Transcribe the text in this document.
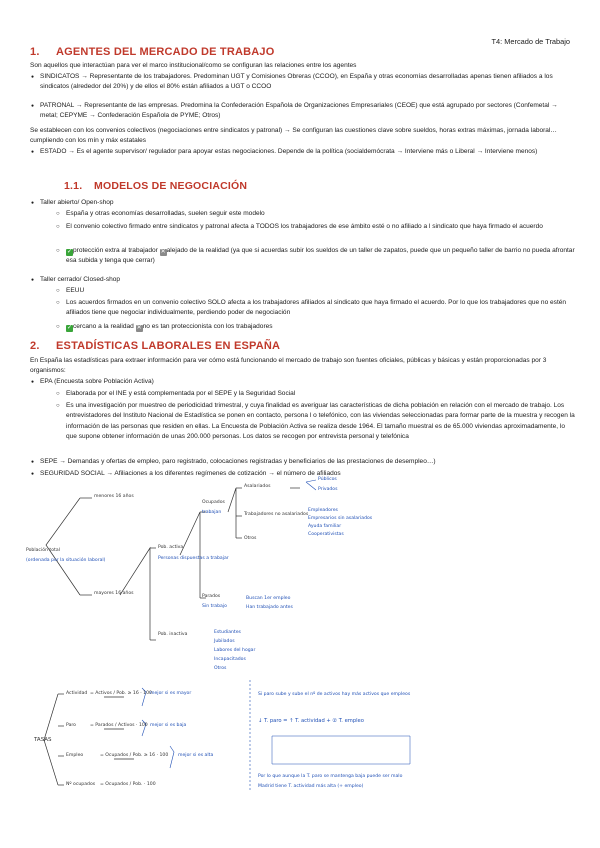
T4: Mercado de Trabajo
1. AGENTES DEL MERCADO DE TRABAJO
Son aquellos que interactúan para ver el marco institucional/como se configuran las relaciones entre los agentes
● SINDICATOS → Representante de los trabajadores. Predominan UGT y Comisiones Obreras (CCOO), en España y otras economías desarrolladas apenas tienen afiliados a los sindicatos (alrededor del 20%) y de ellos el 80% están afiliados a UGT o CCOO
● PATRONAL → Representante de las empresas. Predomina la Confederación Española de Organizaciones Empresariales (CEOE) que está agrupado por sectores (Confemetal → metal; CEPYME → Confederación Española de PYME; Otros)
Se establecen con los convenios colectivos (negociaciones entre sindicatos y patronal) → Se configuran las cuestiones clave sobre sueldos, horas extras máximas, jornada laboral… cumpliendo con los mín y máx estatales
● ESTADO → Es el agente supervisor/ regulador para apoyar estas negociaciones. Depende de la política (socialdemócrata → Interviene más o Liberal → Interviene menos)
1.1. MODELOS DE NEGOCIACIÓN
● Taller abierto/ Open-shop
○ España y otras economías desarrolladas, suelen seguir este modelo
○ El convenio colectivo firmado entre sindicatos y patronal afecta a TODOS los trabajadores de ese ámbito esté o no afiliado a l sindicato que haya firmado el acuerdo
○ ✓protección extra al trabajador ✕alejado de la realidad (ya que si acuerdas subir los sueldos de un taller de zapatos, puede que un pequeño taller de barrio no pueda afrontar esa subida y tenga que cerrar)
● Taller cerrado/ Closed-shop
○ EEUU
○ Los acuerdos firmados en un convenio colectivo SOLO afecta a los trabajadores afiliados al sindicato que haya firmado el acuerdo. Por lo que los trabajadores que no estén afiliados tiene que negociar individualmente, perdiendo poder de negociación
○ ✓cercano a la realidad ✕no es tan proteccionista con los trabajadores
2. ESTADÍSTICAS LABORALES EN ESPAÑA
En España las estadísticas para extraer información para ver cómo está funcionando el mercado de trabajo son fuentes oficiales, públicas y básicas y están proporcionadas por 3 organismos:
● EPA (Encuesta sobre Población Activa)
○ Elaborada por el INE y está complementada por el SEPE y la Seguridad Social
○ Es una investigación por muestreo de periodicidad trimestral, y cuya finalidad es averiguar las características de dicha población en relación con el mercado de trabajo. Los entrevistadores del Instituto Nacional de Estadística se ponen en contacto, persona l o telefónico, con las viviendas seleccionadas para formar parte de la muestra y recogen la información de las personas que residen en ellas. La Encuesta de Población Activa se realiza desde 1964. El tamaño muestral es de 65.000 viviendas aproximadamente, lo que supone obtener información de unas 200.000 personas. Los datos se recogen por entrevista personal y telefónica
● SEPE → Demandas y ofertas de empleo, paro registrado, colocaciones registradas y beneficiarios de las prestaciones de desempleo…)
● SEGURIDAD SOCIAL → Afiliaciones a los diferentes regímenes de cotización → el número de afiliados
Población total
(ordenada por la situación laboral)
menores 16 años
mayores 16 años
Pob. activa
Personas dispuestas a trabajar
Ocupados
trabajan
Asalariados
Públicos
Privados
Trabajadores no asalariados
Empleadores
Empresarios sin asalariados
Ayuda familiar
Cooperativistas
Otros
Parados
Sin trabajo
Buscan 1er empleo
Han trabajado antes
Pob. inactiva	Estudiantes
Jubilados
Labores del hogar
Incapacitados
Otros
TASAS
Actividad = Activos / Pob. ≥ 16 · 100
mejor si es mayor
Paro	= Parados / Activos · 100 mejor si es baja
Empleo	= Ocupados / Pob. ≥ 16 · 100 mejor si es alta
Nº ocupados = Ocupados / Pob. · 100
Si paro sube y sube el nº de activos hay más activos que empleos
↓ T. paro = ↑ T. actividad + ② T. empleo
Por lo que aunque la T. paro se mantenga baja puede ser malo
Madrid tiene T. actividad más alta (+ empleo)
